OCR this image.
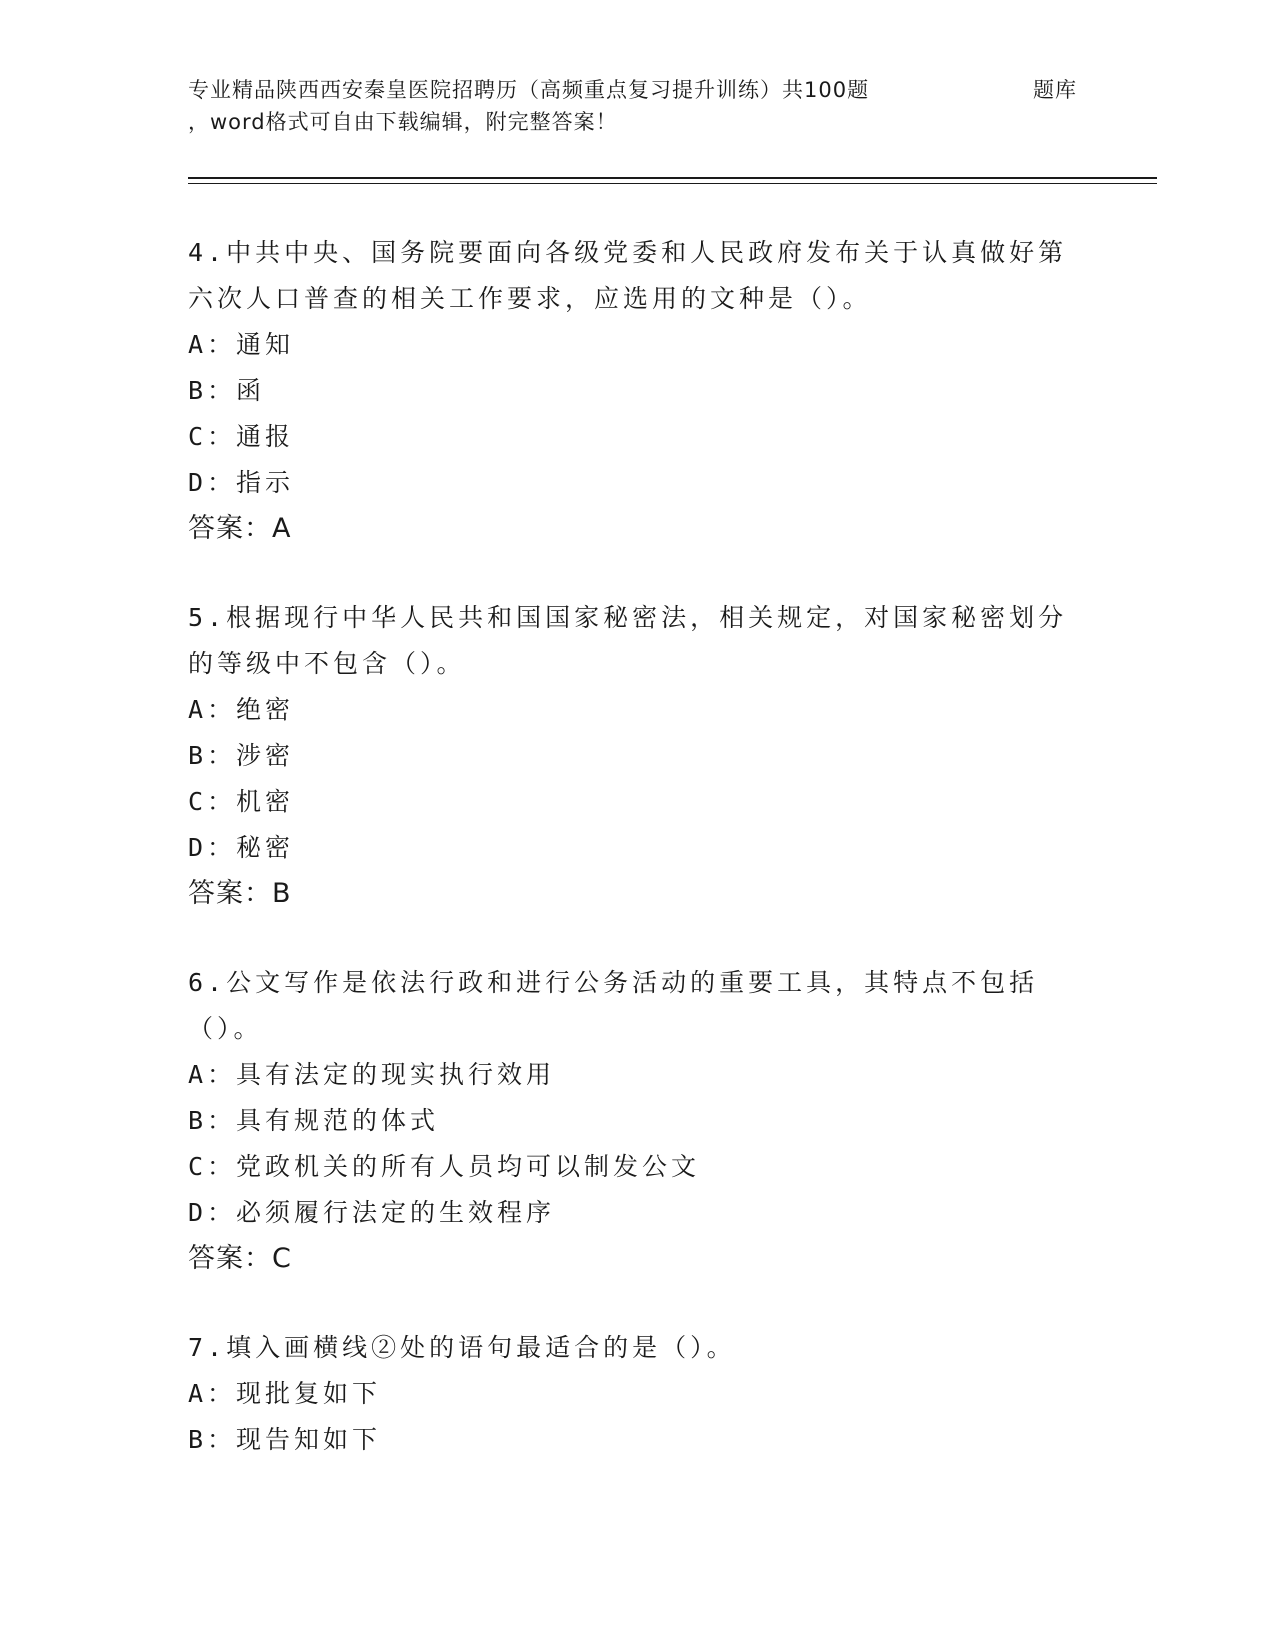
专业精品陕西西安秦皇医院招聘历（高频重点复习提升训练）共100题	题库
，word格式可自由下载编辑，附完整答案！

4.中共中央、国务院要面向各级党委和人民政府发布关于认真做好第六次人口普查的相关工作要求，应选用的文种是（）。

A：通知

B：函

C：通报

D：指示

答案：A

5.根据现行中华人民共和国国家秘密法，相关规定，对国家秘密划分的等级中不包含（）。

A：绝密

B：涉密

C：机密

D：秘密

答案：B

6.公文写作是依法行政和进行公务活动的重要工具，其特点不包括（）。

A：具有法定的现实执行效用

B：具有规范的体式

C：党政机关的所有人员均可以制发公文

D：必须履行法定的生效程序

答案：C

7.填入画横线②处的语句最适合的是（）。

A：现批复如下

B：现告知如下
